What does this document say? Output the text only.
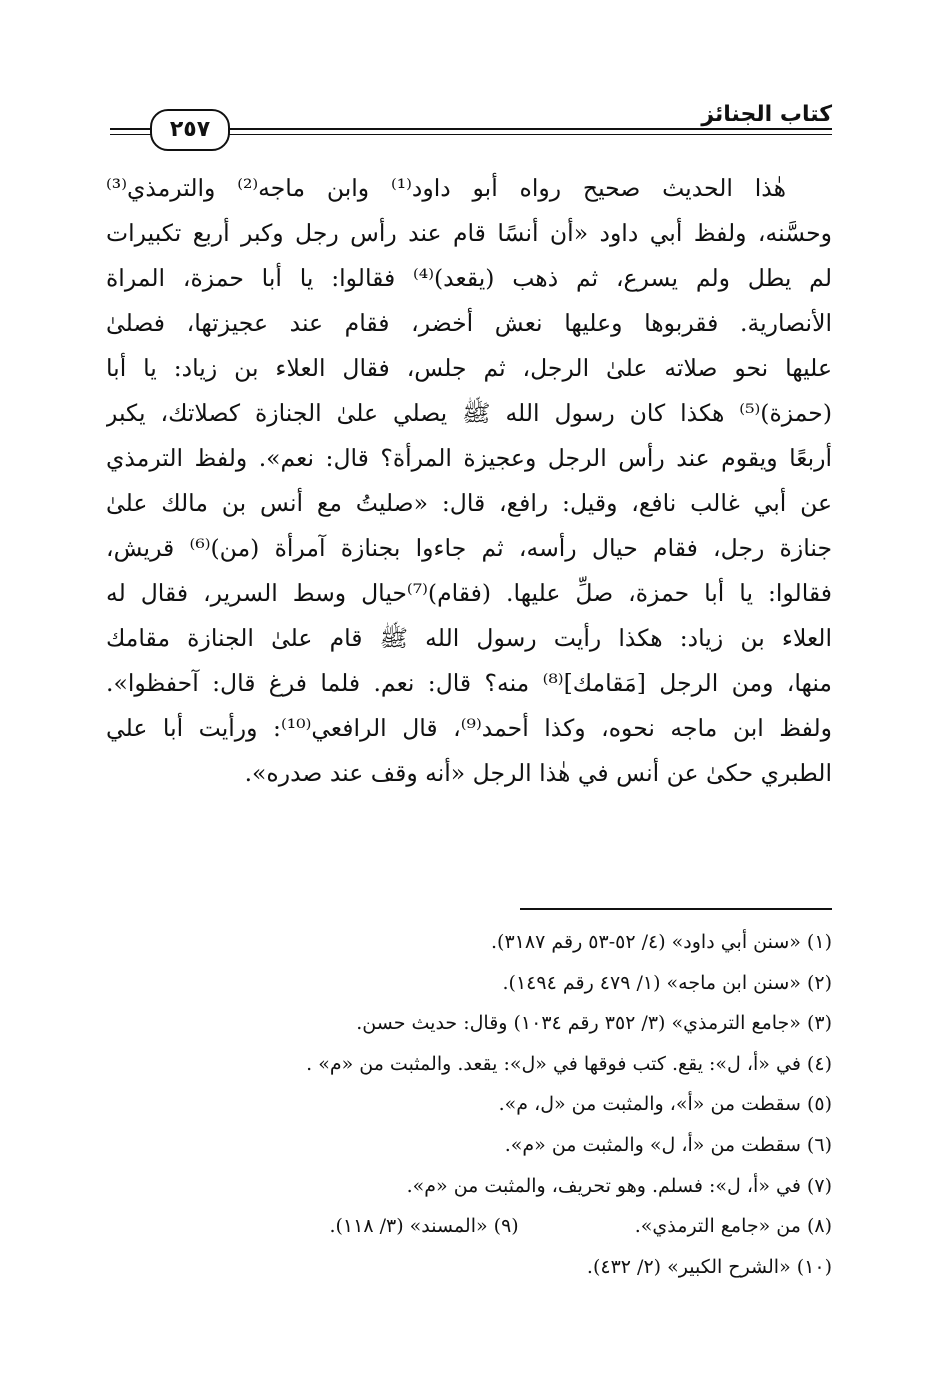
كتاب الجنائز
٢٥٧
هٰذا الحديث صحيح رواه أبو داود⁽¹⁾ وابن ماجه⁽²⁾ والترمذي⁽³⁾
وحسَّنه، ولفظ أبي داود «أن أنسًا قام عند رأس رجل وكبر أربع تكبيرات
لم يطل ولم يسرع، ثم ذهب (يقعد)⁽⁴⁾ فقالوا: يا أبا حمزة، المراة
الأنصارية. فقربوها وعليها نعش أخضر، فقام عند عجيزتها، فصلىٰ
عليها نحو صلاته علىٰ الرجل، ثم جلس، فقال العلاء بن زياد: يا أبا
(حمزة)⁽⁵⁾ هكذا كان رسول الله ﷺ يصلي علىٰ الجنازة كصلاتك، يكبر
أربعًا ويقوم عند رأس الرجل وعجيزة المرأة؟ قال: نعم». ولفظ الترمذي
عن أبي غالب نافع، وقيل: رافع، قال: «صليتُ مع أنس بن مالك علىٰ
جنازة رجل، فقام حيال رأسه، ثم جاءوا بجنازة آمرأة (من)⁽⁶⁾ قريش،
فقالوا: يا أبا حمزة، صلِّ عليها. (فقام)⁽⁷⁾حيال وسط السرير، فقال له
العلاء بن زياد: هكذا رأيت رسول الله ﷺ قام علىٰ الجنازة مقامك
منها، ومن الرجل [مَقامك]⁽⁸⁾ منه؟ قال: نعم. فلما فرغ قال: آحفظوا».
ولفظ ابن ماجه نحوه، وكذا أحمد⁽⁹⁾، قال الرافعي⁽¹⁰⁾: ورأيت أبا علي
الطبري حكىٰ عن أنس في هٰذا الرجل «أنه وقف عند صدره».
(١) «سنن أبي داود» (٤/ ٥٢-٥٣ رقم ٣١٨٧).
(٢) «سنن ابن ماجه» (١/ ٤٧٩ رقم ١٤٩٤).
(٣) «جامع الترمذي» (٣/ ٣٥٢ رقم ١٠٣٤) وقال: حديث حسن.
(٤) في «أ، ل»: يقع. كتب فوقها في «ل»: يقعد. والمثبت من «م» .
(٥) سقطت من «أ»، والمثبت من «ل، م».
(٦) سقطت من «أ، ل» والمثبت من «م».
(٧) في «أ، ل»: فسلم. وهو تحريف، والمثبت من «م».
(٨) من «جامع الترمذي». (٩) «المسند» (٣/ ١١٨).
(١٠) «الشرح الكبير» (٢/ ٤٣٢).
